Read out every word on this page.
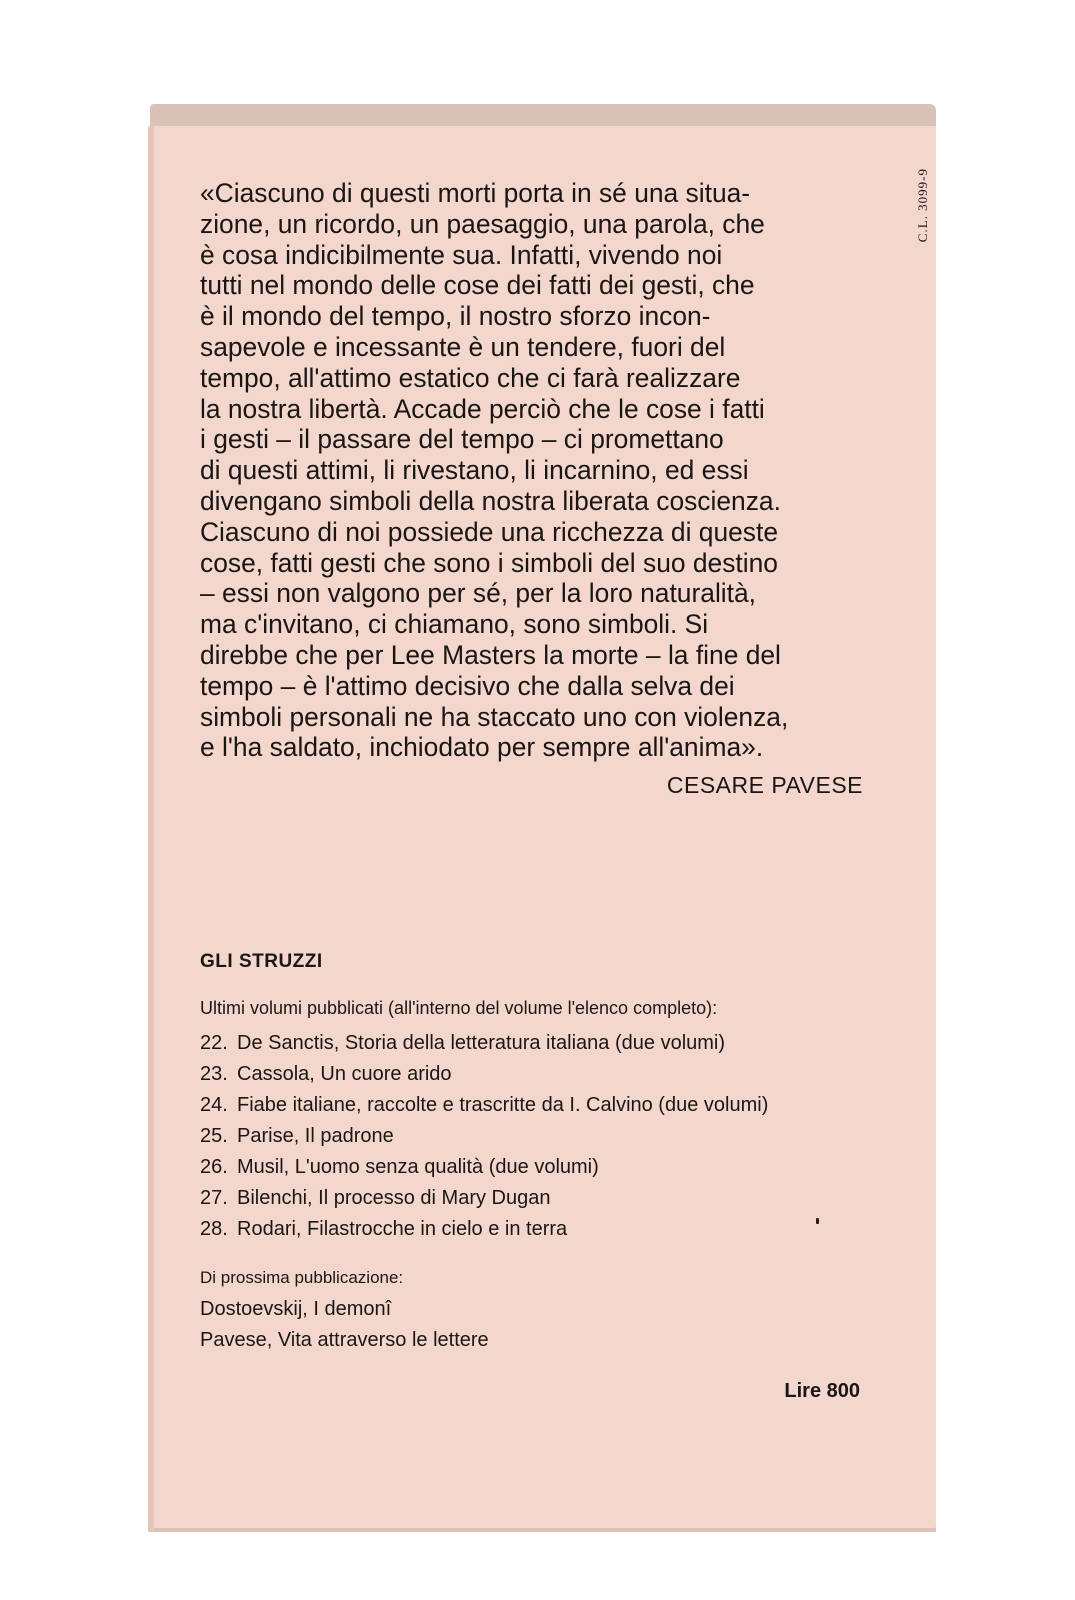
C.L. 3099-9
«Ciascuno di questi morti porta in sé una situa-
zione, un ricordo, un paesaggio, una parola, che
è cosa indicibilmente sua. Infatti, vivendo noi
tutti nel mondo delle cose dei fatti dei gesti, che
è il mondo del tempo, il nostro sforzo incon-
sapevole e incessante è un tendere, fuori del
tempo, all'attimo estatico che ci farà realizzare
la nostra libertà. Accade perciò che le cose i fatti
i gesti – il passare del tempo – ci promettano
di questi attimi, li rivestano, li incarnino, ed essi
divengano simboli della nostra liberata coscienza.
Ciascuno di noi possiede una ricchezza di queste
cose, fatti gesti che sono i simboli del suo destino
– essi non valgono per sé, per la loro naturalità,
ma c'invitano, ci chiamano, sono simboli. Si
direbbe che per Lee Masters la morte – la fine del
tempo – è l'attimo decisivo che dalla selva dei
simboli personali ne ha staccato uno con violenza,
e l'ha saldato, inchiodato per sempre all'anima».
CESARE PAVESE
GLI STRUZZI
Ultimi volumi pubblicati (all'interno del volume l'elenco completo):
22. De Sanctis, Storia della letteratura italiana (due volumi)
23. Cassola, Un cuore arido
24. Fiabe italiane, raccolte e trascritte da I. Calvino (due volumi)
25. Parise, Il padrone
26. Musil, L'uomo senza qualità (due volumi)
27. Bilenchi, Il processo di Mary Dugan
28. Rodari, Filastrocche in cielo e in terra
Di prossima pubblicazione:
Dostoevskij, I demonî
Pavese, Vita attraverso le lettere
Lire 800
